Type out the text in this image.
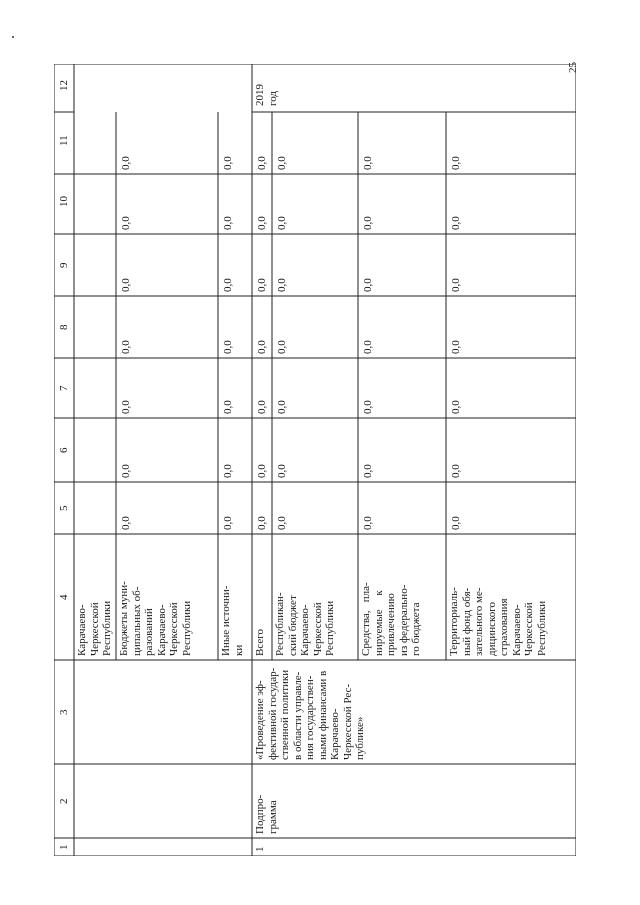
25
1
2
3
4
5
6
7
8
9
10
11
12
Карачаево-
Черкесской
Республики Бюджеты муни-
ципальных об-
разований
Карачаево-
Черкесской
Республики
0,0
0,0
0,0
0,0
0,0
0,0
0,0
Иные источни-
ки
0,0
0,0
0,0
0,0
0,0
0,0
0,0
1
Подпро-
грамма
«Проведение эф-
фективной государ-
ственной политики
в области управле-
ния государствен-
ными финансами в
Карачаево-
Черкесской Рес-
публике»
Всего
0,0
0,0
0,0
0,0
0,0
0,0
0,0
2019
год
Республикан-
ский бюджет
Карачаево-
Черкесской
Республики
0,0
0,0
0,0
0,0
0,0
0,0
0,0
Средства,   пла-
нируемые     к
привлечению
из федерально-
го бюджета
0,0
0,0
0,0
0,0
0,0
0,0
0,0
Территориаль-
ный фонд обя-
зательного ме-
дицинского
страхования
Карачаево-
Черкесской
Республики
0,0
0,0
0,0
0,0
0,0
0,0
0,0
